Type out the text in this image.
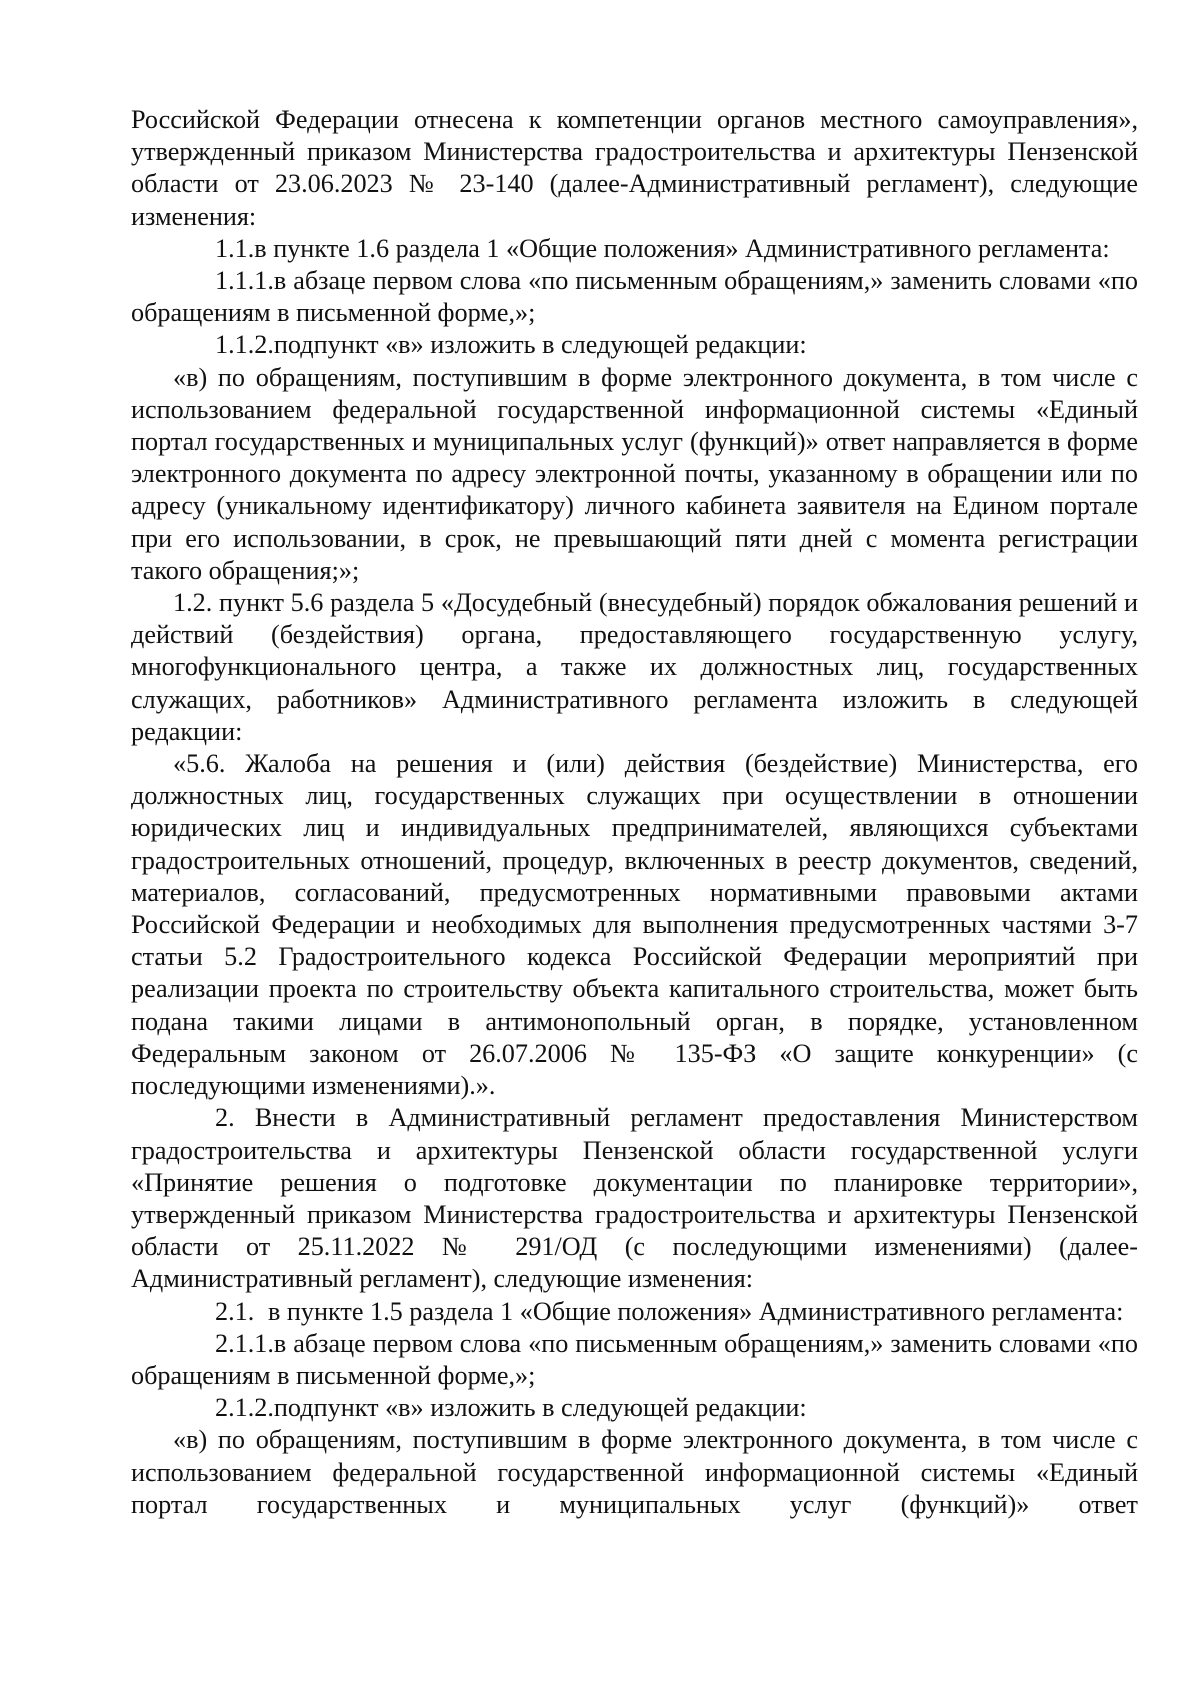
Российской Федерации отнесена к компетенции органов местного самоуправления», утвержденный приказом Министерства градостроительства и архитектуры Пензенской области от 23.06.2023 № 23-140 (далее-Административный регламент), следующие изменения:

1.1.в пункте 1.6 раздела 1 «Общие положения» Административного регламента:

1.1.1.в абзаце первом слова «по письменным обращениям,» заменить словами «по обращениям в письменной форме,»;

1.1.2.подпункт «в» изложить в следующей редакции:

«в) по обращениям, поступившим в форме электронного документа, в том числе с использованием федеральной государственной информационной системы «Единый портал государственных и муниципальных услуг (функций)» ответ направляется в форме электронного документа по адресу электронной почты, указанному в обращении или по адресу (уникальному идентификатору) личного кабинета заявителя на Едином портале при его использовании, в срок, не превышающий пяти дней с момента регистрации такого обращения;»;

1.2. пункт 5.6 раздела 5 «Досудебный (внесудебный) порядок обжалования решений и действий (бездействия) органа, предоставляющего государственную услугу, многофункционального центра, а также их должностных лиц, государственных служащих, работников» Административного регламента изложить в следующей редакции:

«5.6. Жалоба на решения и (или) действия (бездействие) Министерства, его должностных лиц, государственных служащих при осуществлении в отношении юридических лиц и индивидуальных предпринимателей, являющихся субъектами градостроительных отношений, процедур, включенных в реестр документов, сведений, материалов, согласований, предусмотренных нормативными правовыми актами Российской Федерации и необходимых для выполнения предусмотренных частями 3-7 статьи 5.2 Градостроительного кодекса Российской Федерации мероприятий при реализации проекта по строительству объекта капитального строительства, может быть подана такими лицами в антимонопольный орган, в порядке, установленном Федеральным законом от 26.07.2006 № 135-ФЗ «О защите конкуренции» (с последующими изменениями).».

2. Внести в Административный регламент предоставления Министерством градостроительства и архитектуры Пензенской области государственной услуги «Принятие решения о подготовке документации по планировке территории», утвержденный приказом Министерства градостроительства и архитектуры Пензенской области от 25.11.2022 № 291/ОД (с последующими изменениями) (далее-Административный регламент), следующие изменения:

2.1. в пункте 1.5 раздела 1 «Общие положения» Административного регламента:

2.1.1.в абзаце первом слова «по письменным обращениям,» заменить словами «по обращениям в письменной форме,»;

2.1.2.подпункт «в» изложить в следующей редакции:

«в) по обращениям, поступившим в форме электронного документа, в том числе с использованием федеральной государственной информационной системы «Единый портал государственных и муниципальных услуг (функций)» ответ
